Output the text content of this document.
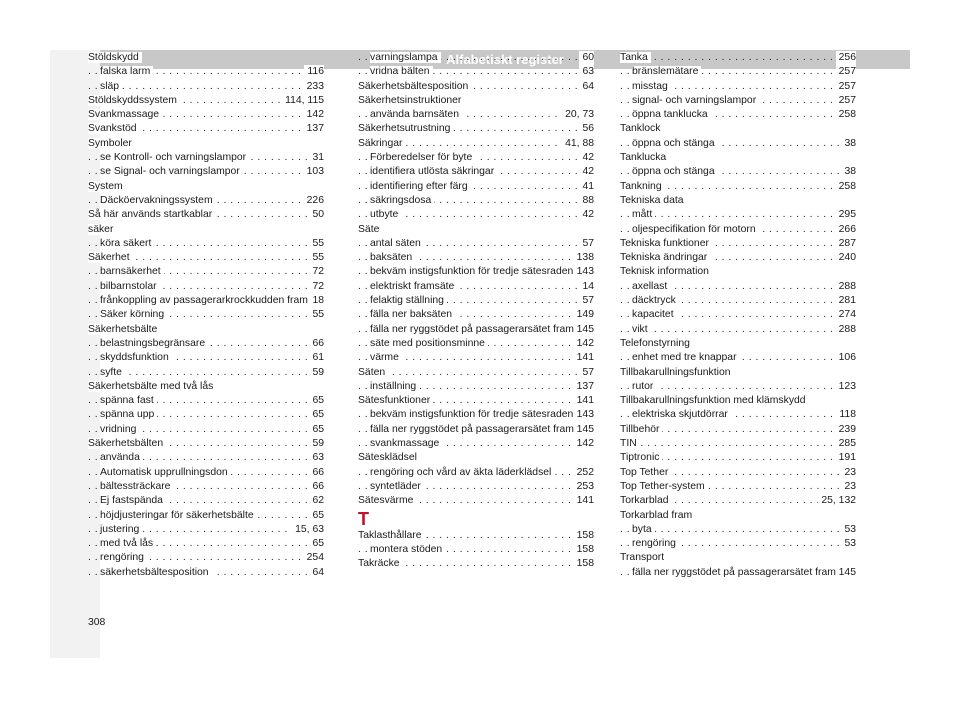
Alfabetiskt register
Stöldskydd
falska larm	116
. . .
släp	233
. . .
Stöldskyddssystem	114, 115
. . .
Svankmassage	142
. . .
Svankstöd	137
. . .
Symboler
se Kontroll- och varningslampor	31
. . .
se Signal- och varningslampor	103
. . .
System
Däcköervakningssystem	226
. . .
Så här används startkablar	50
. . .
säker
köra säkert	55
. . .
Säkerhet	55
. . .
barnsäkerhet	72
. . .
bilbarnstolar	72
. . .
frånkoppling av passagerarkrockkudden fram 18
. . .
Säker körning	55
. . .
Säkerhetsbälte
belastningsbegränsare	66
. . .
skyddsfunktion	61
. . .
syfte	59
. . .
Säkerhetsbälte med två lås
spänna fast	65
. . .
spänna upp	65
. . .
vridning	65
. . .
Säkerhetsbälten	59
. . .
använda	63
. . .
Automatisk upprullningsdon	66
. . .
bältessträckare	66
. . .
Ej fastspända	62
. . .
höjdjusteringar för säkerhetsbälte	65
. . .
justering	15, 63
. . .
med två lås	65
. . .
rengöring	254
. . .
säkerhetsbältesposition	64
. . .
varningslampa	60
. . .
vridna bälten	63
. . .
Säkerhetsbältesposition	64
. . .
Säkerhetsinstruktioner
använda barnsäten	20, 73
. . .
Säkerhetsutrustning	56
. . .
Säkringar	41, 88
. . .
Förberedelser för byte	42
. . .
identifiera utlösta säkringar	42
. . .
identifiering efter färg	41
. . .
säkringsdosa	88
. . .
utbyte	42
. . .
Säte
antal säten	57
. . .
baksäten	138
. . .
bekväm instigsfunktion för tredje sätesraden 143
. . .
elektriskt framsäte	14
. . .
felaktig ställning	57
. . .
fälla ner baksäten	149
. . .
fälla ner ryggstödet på passagerarsätet fram 145
. . .
säte med positionsminne	142
. . .
värme	141
. . .
Säten	57
. . .
inställning	137
. . .
Sätesfunktioner	141
. . .
bekväm instigsfunktion för tredje sätesraden 143
. . .
fälla ner ryggstödet på passagerarsätet fram 145
. . .
svankmassage	142
. . .
Sätesklädsel
rengöring och vård av äkta läderklädsel 252
. . .
syntetläder	253
. . .
Sätesvärme	141
. . .
T
Taklasthållare	158
. . .
montera stöden	158
. . .
Takräcke	158
. . .
Tanka	256
. . .
bränslemätare	257
. . .
misstag	257
. . .
signal- och varningslampor	257
. . .
öppna tanklucka	258
. . .
Tanklock
öppna och stänga	38
. . .
Tanklucka
öppna och stänga	38
. . .
Tankning	258
. . .
Tekniska data
mått	295
. . .
oljespecifikation för motorn	266
. . .
Tekniska funktioner	287
. . .
Tekniska ändringar	240
. . .
Teknisk information
axellast	288
. . .
däcktryck	281
. . .
kapacitet	274
. . .
vikt	288
. . .
Telefonstyrning
enhet med tre knappar	106
. . .
Tillbakarullningsfunktion
rutor	123
. . .
Tillbakarullningsfunktion med klämskydd
elektriska skjutdörrar	118
. . .
Tillbehör	239
. . .
TIN	285
. . .
Tiptronic	191
. . .
Top Tether	23
. . .
Top Tether-system	23
. . .
Torkarblad	25, 132
. . .
Torkarblad fram
byta	53
. . .
rengöring	53
. . .
Transport
fälla ner ryggstödet på passagerarsätet fram 145
. . .
308
